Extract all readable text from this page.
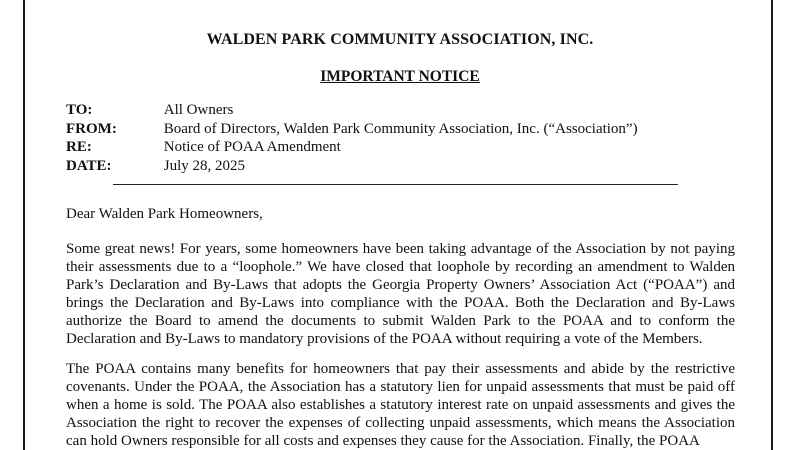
WALDEN PARK COMMUNITY ASSOCIATION, INC.
IMPORTANT NOTICE
TO:	All Owners
FROM:	Board of Directors, Walden Park Community Association, Inc. (“Association”)
RE:	Notice of POAA Amendment
DATE:	July 28, 2025
Dear Walden Park Homeowners,

Some great news! For years, some homeowners have been taking advantage of the Association by not paying their assessments due to a “loophole.” We have closed that loophole by recording an amendment to Walden Park’s Declaration and By-Laws that adopts the Georgia Property Owners’ Association Act (“POAA”) and brings the Declaration and By-Laws into compliance with the POAA. Both the Declaration and By-Laws authorize the Board to amend the documents to submit Walden Park to the POAA and to conform the Declaration and By-Laws to mandatory provisions of the POAA without requiring a vote of the Members.

The POAA contains many benefits for homeowners that pay their assessments and abide by the restrictive covenants. Under the POAA, the Association has a statutory lien for unpaid assessments that must be paid off when a home is sold. The POAA also establishes a statutory interest rate on unpaid assessments and gives the Association the right to recover the expenses of collecting unpaid assessments, which means the Association can hold Owners responsible for all costs and expenses they cause for the Association. Finally, the POAA
